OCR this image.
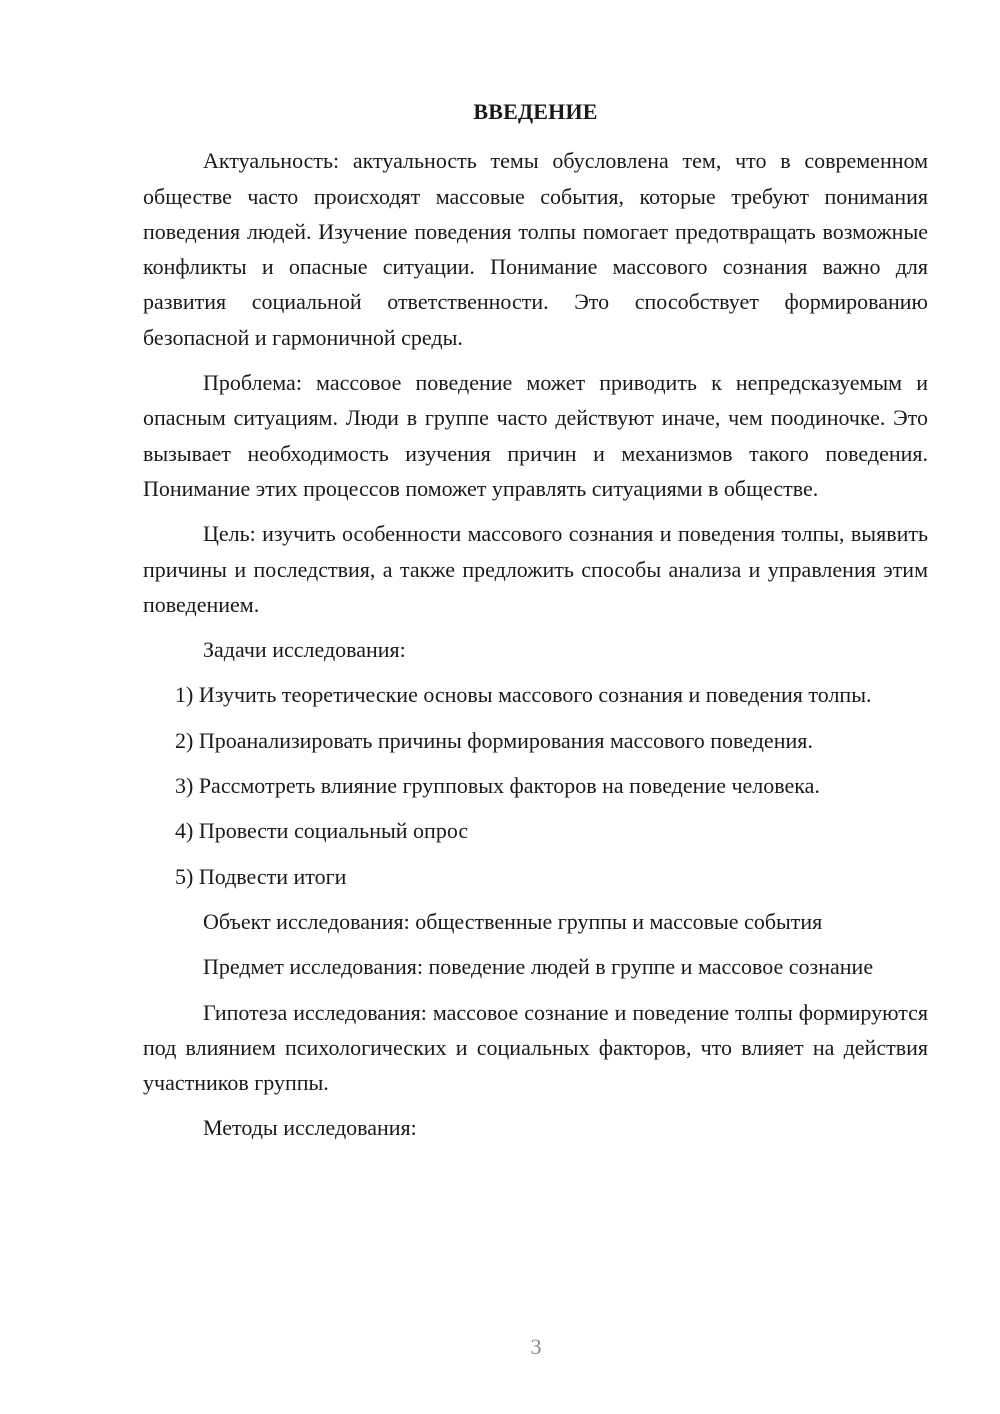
ВВЕДЕНИЕ

Актуальность: актуальность темы обусловлена тем, что в современном обществе часто происходят массовые события, которые требуют понимания поведения людей. Изучение поведения толпы помогает предотвращать возможные конфликты и опасные ситуации. Понимание массового сознания важно для развития социальной ответственности. Это способствует формированию безопасной и гармоничной среды.

Проблема: массовое поведение может приводить к непредсказуемым и опасным ситуациям. Люди в группе часто действуют иначе, чем поодиночке. Это вызывает необходимость изучения причин и механизмов такого поведения. Понимание этих процессов поможет управлять ситуациями в обществе.

Цель: изучить особенности массового сознания и поведения толпы, выявить причины и последствия, а также предложить способы анализа и управления этим поведением.

Задачи исследования:

1) Изучить теоретические основы массового сознания и поведения толпы.

2) Проанализировать причины формирования массового поведения.

3) Рассмотреть влияние групповых факторов на поведение человека.

4) Провести социальный опрос

5) Подвести итоги

Объект исследования: общественные группы и массовые события

Предмет исследования: поведение людей в группе и массовое сознание

Гипотеза исследования: массовое сознание и поведение толпы формируются под влиянием психологических и социальных факторов, что влияет на действия участников группы.

Методы исследования:

3
